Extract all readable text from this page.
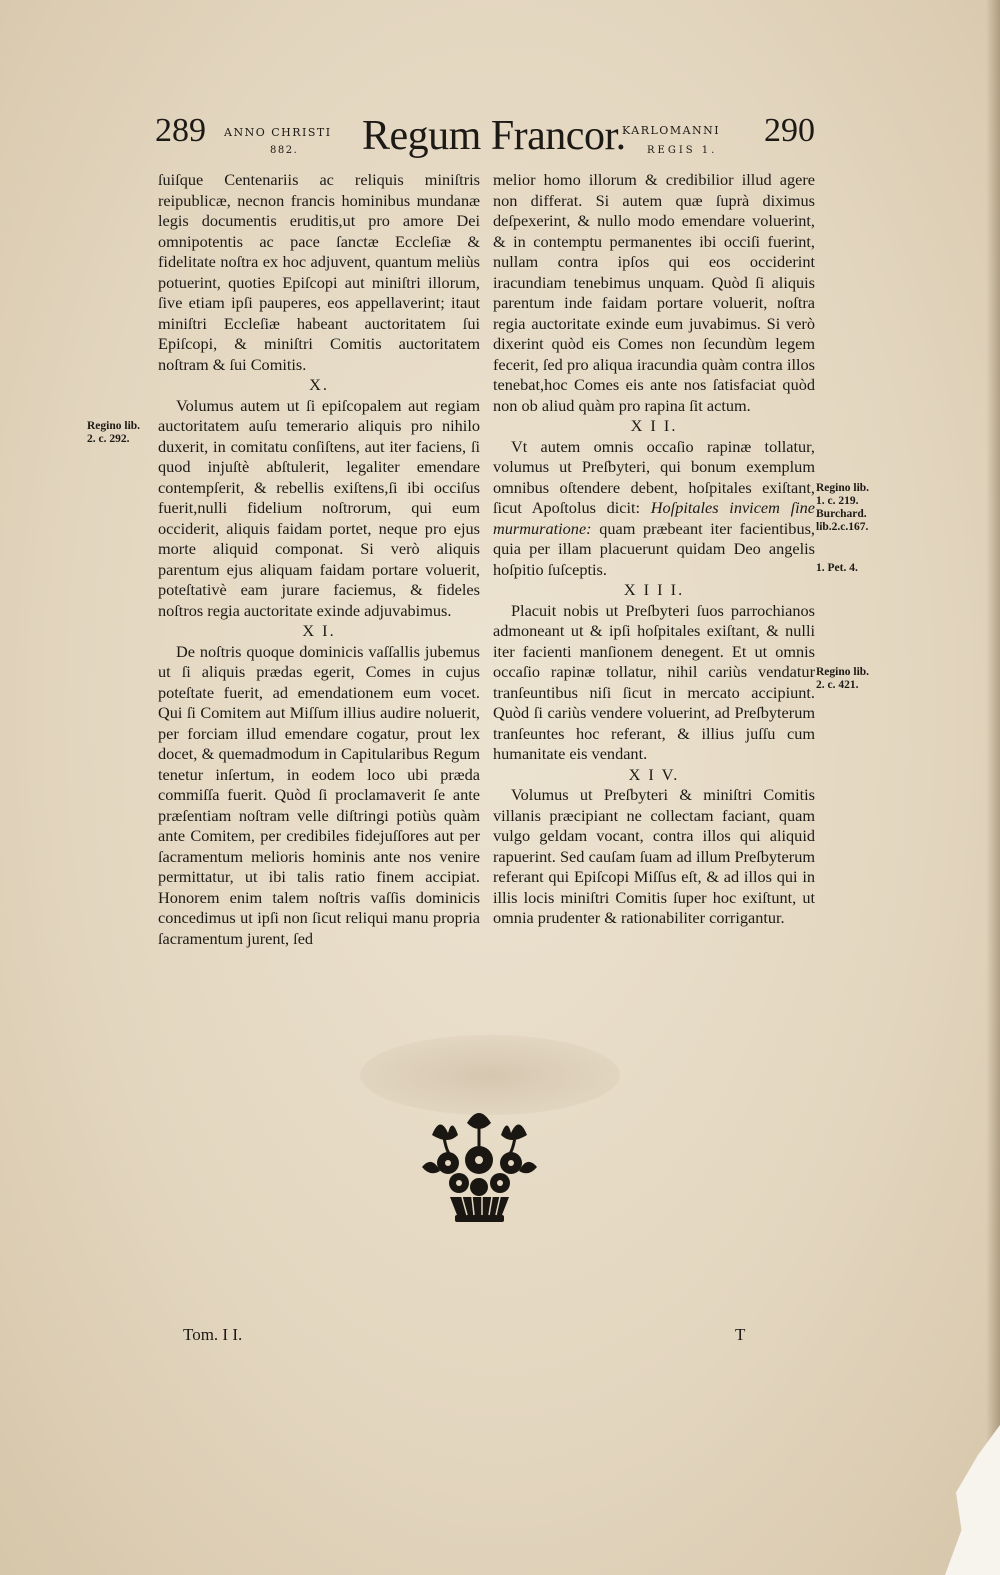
289 ANNO CHRISTI
882. Regum Francor.
KARLOMANNI
REGIS 1.
290

ſuiſque Centenariis ac reliquis miniſtris reipublicæ, necnon francis hominibus mundanæ legis documentis eruditis,ut pro amore Dei omnipotentis ac pace ſanctæ Eccleſiæ & fidelitate noſtra ex hoc adjuvent, quantum meliùs potuerint, quoties Epiſcopi aut miniſtri illorum, ſive etiam ipſi pauperes, eos appellaverint; itaut miniſtri Eccleſiæ habeant auctoritatem ſui Epiſcopi, & miniſtri Comitis auctoritatem noſtram & ſui Comitis.

X.

Volumus autem ut ſi epiſcopalem aut regiam auctoritatem auſu temerario aliquis pro nihilo duxerit, in comitatu conſiſtens, aut iter faciens, ſi quod injuſtè abſtulerit, legaliter emendare contempſerit, & rebellis exiſtens,ſi ibi occiſus fuerit,nulli fidelium noſtrorum, qui eum occiderit, aliquis faidam portet, neque pro ejus morte aliquid componat. Si verò aliquis parentum ejus aliquam faidam portare voluerit, poteſtativè eam jurare faciemus, & fideles noſtros regia auctoritate exinde adjuvabimus.

X I.

De noſtris quoque dominicis vaſſallis jubemus ut ſi aliquis prædas egerit, Comes in cujus poteſtate fuerit, ad emendationem eum vocet. Qui ſi Comitem aut Miſſum illius audire noluerit, per forciam illud emendare cogatur, prout lex docet, & quemadmodum in Capitularibus Regum tenetur inſertum, in eodem loco ubi præda commiſſa fuerit. Quòd ſi proclamaverit ſe ante præſentiam noſtram velle diſtringi potiùs quàm ante Comitem, per credibiles fidejuſſores aut per ſacramentum melioris hominis ante nos venire permittatur, ut ibi talis ratio finem accipiat. Honorem enim talem noſtris vaſſis dominicis concedimus ut ipſi non ſicut reliqui manu propria ſacramentum jurent, ſed

melior homo illorum & credibilior illud agere non differat. Si autem quæ ſuprà diximus deſpexerint, & nullo modo emendare voluerint, & in contemptu permanentes ibi occiſi fuerint, nullam contra ipſos qui eos occiderint iracundiam tenebimus unquam. Quòd ſi aliquis parentum inde faidam portare voluerit, noſtra regia auctoritate exinde eum juvabimus. Si verò dixerint quòd eis Comes non ſecundùm legem fecerit, ſed pro aliqua iracundia quàm contra illos tenebat,hoc Comes eis ante nos ſatisfaciat quòd non ob aliud quàm pro rapina ſit actum.

X I I.

Vt autem omnis occaſio rapinæ tollatur, volumus ut Preſbyteri, qui bonum exemplum omnibus oſtendere debent, hoſpitales exiſtant, ſicut Apoſtolus dicit: Hoſpitales invicem ſine murmuratione: quam præbeant iter facientibus, quia per illam placuerunt quidam Deo angelis hoſpitio ſuſceptis.

X I I I.

Placuit nobis ut Preſbyteri ſuos parrochianos admoneant ut & ipſi hoſpitales exiſtant, & nulli iter facienti manſionem denegent. Et ut omnis occaſio rapinæ tollatur, nihil cariùs vendatur tranſeuntibus niſi ſicut in mercato accipiunt. Quòd ſi cariùs vendere voluerint, ad Preſbyterum tranſeuntes hoc referant, & illius juſſu cum humanitate eis vendant.

X I V.

Volumus ut Preſbyteri & miniſtri Comitis villanis præcipiant ne collectam faciant, quam vulgo geldam vocant, contra illos qui aliquid rapuerint. Sed cauſam ſuam ad illum Preſbyterum referant qui Epiſcopi Miſſus eſt, & ad illos qui in illis locis miniſtri Comitis ſuper hoc exiſtunt, ut omnia prudenter & rationabiliter corrigantur.

Regino lib.
2. c. 292.
Regino lib.
1. c. 219.
Burchard.
lib.2.c.167.
1. Pet. 4.
Regino lib.
2. c. 421.
Tom. I I.	T
